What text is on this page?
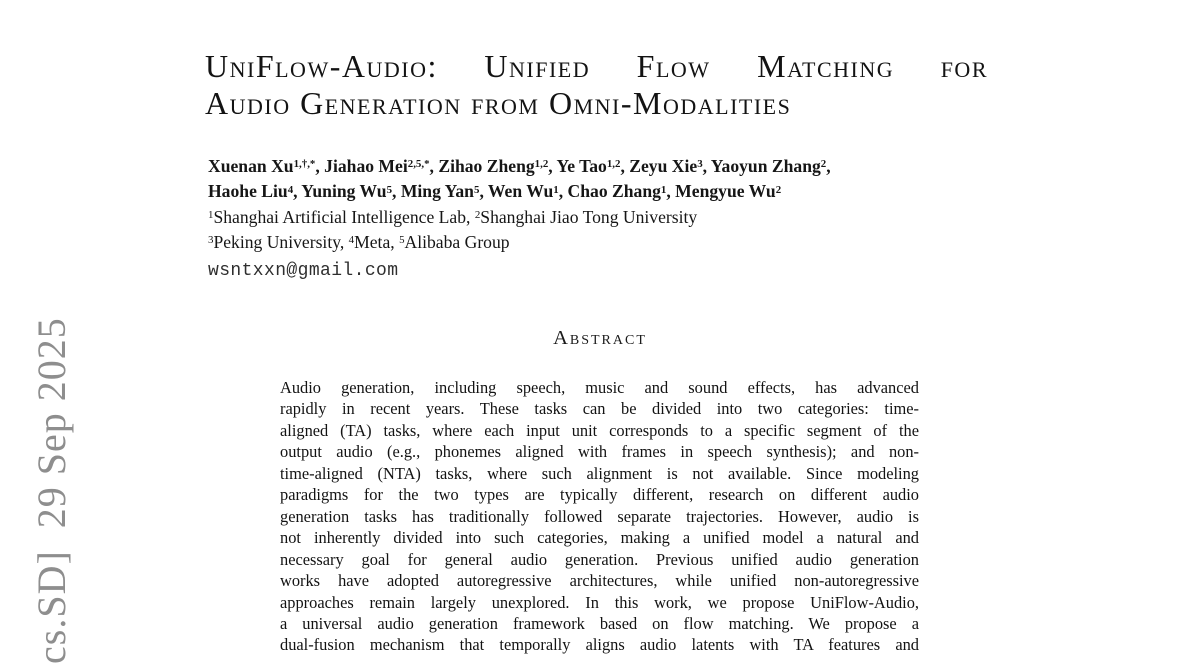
cs.SD]  29 Sep 2025
UniFlow-Audio: Unified Flow Matching for
Audio Generation from Omni-Modalities
Xuenan $Xu^{1,\dagger,*}$, Jiahao Mei$^{2,5,*}$, Zihao Zheng$^{1,2}$, Ye Tao$^{1,2}$, Zeyu Xie$^3$, Yaoyun Zhang$^2$,
Haohe Liu$^4$, Yuning Wu$^5$, Ming Yan$^5$, Wen Wu$^1$, Chao Zhang$^1$, Mengyue Wu$^2$
$^1$Shanghai Artificial Intelligence Lab, $^2$Shanghai Jiao Tong University
$^3$Peking University, $^4$Meta, $^5$Alibaba Group
wsntxxn@gmail.com
Abstract
Audio generation, including speech, music and sound effects, has advanced
rapidly in recent years. These tasks can be divided into two categories: time-
aligned (TA) tasks, where each input unit corresponds to a specific segment of the
output audio (e.g., phonemes aligned with frames in speech synthesis); and non-
time-aligned (NTA) tasks, where such alignment is not available. Since modeling
paradigms for the two types are typically different, research on different audio
generation tasks has traditionally followed separate trajectories. However, audio is
not inherently divided into such categories, making a unified model a natural and
necessary goal for general audio generation. Previous unified audio generation
works have adopted autoregressive architectures, while unified non-autoregressive
approaches remain largely unexplored. In this work, we propose UniFlow-Audio,
a universal audio generation framework based on flow matching. We propose a
dual-fusion mechanism that temporally aligns audio latents with TA features and
